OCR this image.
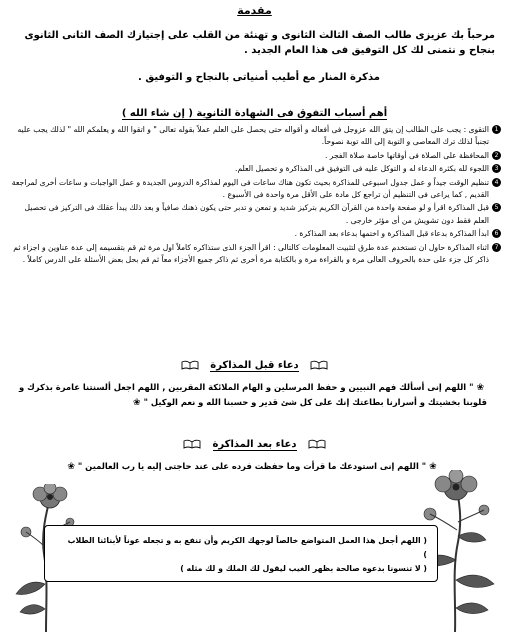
مقدمة
مرحباً بك عزيزى طالب الصف الثالث الثانوى و تهنئة من القلب على إجتيازك الصف الثانى الثانوى بنجاح و نتمنى لك كل التوفيق فى هذا العام الجديد .
مذكرة المنار مع أطيب أمنياتى بالنجاح و التوفيق .
أهم أسباب التفوق فى الشهادة الثانوية ( إن شاء الله )
1
التقوى : يجب على الطالب إن يتق الله عزوجل فى أفعاله و أقواله حتى يحصل على العلم عملاً بقوله تعالى " و اتقوا الله و يعلمكم الله " لذلك يجب عليه تجنباً لذلك ترك المعاصى و التوبة إلى الله توبة نصوحاً.
2
المحافظة على الصلاة فى أوقاتها خاصة صلاة الفجر .
3
اللجوء لله بكثرة الدعاء له و التوكل عليه فى التوفيق فى المذاكرة و تحصيل العلم.
4
تنظيم الوقت جيداً و عمل جدول اسبوعى للمذاكرة بحيث تكون هناك ساعات فى اليوم لمذاكرة الدروس الجديدة و عمل الواجبات و ساعات أخرى لمراجعة القديم , كما يراعى فى التنظيم أن تراجع كل مادة على الأقل مرة واحدة فى الأسبوع .
5
قبل المذاكرة اقرأ و لو صفحة واحدة من القرآن الكريم بتركيز شديد و تمعن و تدبر حتى يكون ذهنك صافياً و بعد ذلك يبدأ عقلك فى التركيز فى تحصيل العلم فقط دون تشويش من أى مؤثر خارجى .
6
ابدأ المذاكرة بدعاء قبل المذاكرة و اختمها بدعاء بعد المذاكرة .
7
اثناء المذاكرة حاول ان تستخدم عدة طرق لتثبيت المعلومات كالتالى : اقرأ الجزء الذى ستذاكره كاملاً اول مرة ثم قم بتقسيمه إلى عدة عناوين و اجزاء ثم ذاكر كل جزء على حدة بالحروف العالى مرة و بالقراءة مرة و بالكتابة مرة أخرى ثم ذاكر جميع الأجزاء معاً ثم قم بحل بعض الأسئلة على الدرس كاملاً .
دعاء قبل المذاكرة
❀" اللهم إنى أسألك فهم النبيين و حفظ المرسلين و الهام الملائكة المقربين , اللهم اجعل ألسنتنا عامرة بذكرك و قلوبنا بخشيتك و أسرارنا بطاعتك إنك على كل شئ قدير و حسبنا الله و نعم الوكيل "❀
دعاء بعد المذاكرة
❀" اللهم إنى استودعك ما قرأت وما حفظت فرده على عند حاجتى إليه يا رب العالمين "❀
( اللهم أجعل هذا العمل المتواضع خالصاً لوجهك الكريم وأن تنفع به و تجعله عوناً لأبنائنا الطلاب )
( لا تنسونا بدعوة صالحة بظهر الغيب ليقول لك الملك و لك مثله )
